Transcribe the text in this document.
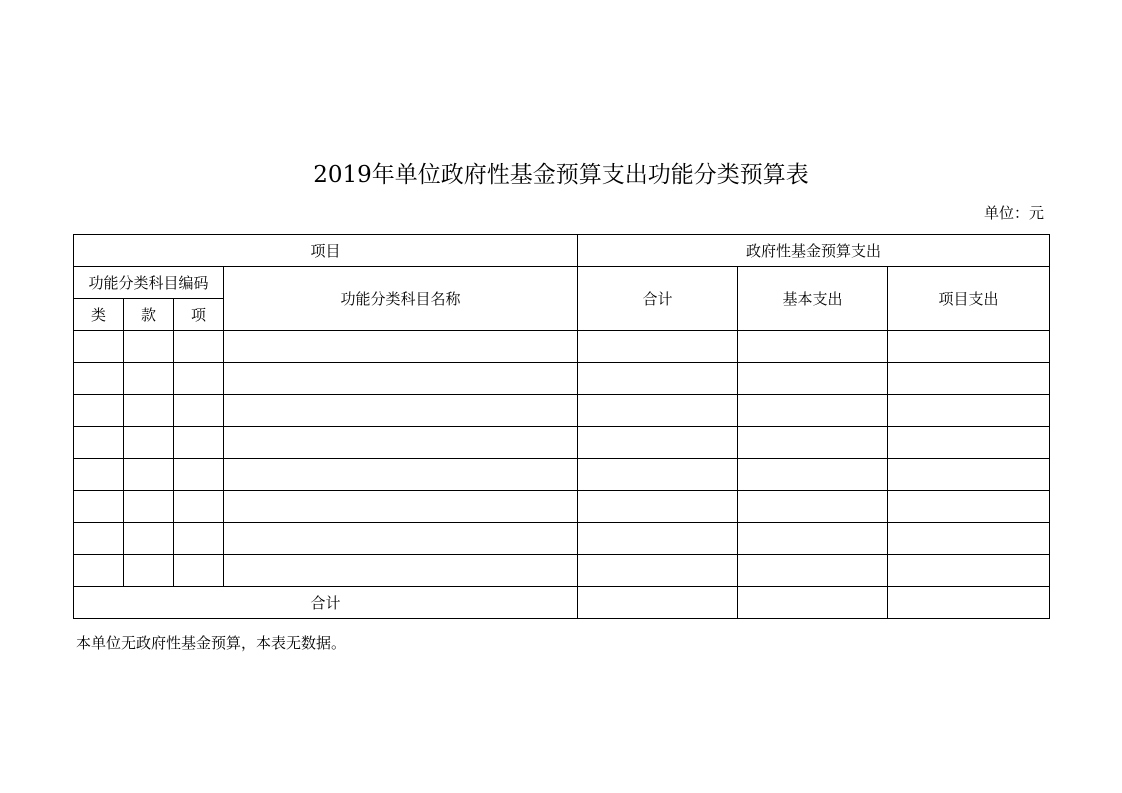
2019年单位政府性基金预算支出功能分类预算表
单位：元
项目				政府性基金预算支出		
功能分类科目编码			功能分类科目名称	合计	基本支出	项目支出
类	款	项				

合计						
本单位无政府性基金预算，本表无数据。
